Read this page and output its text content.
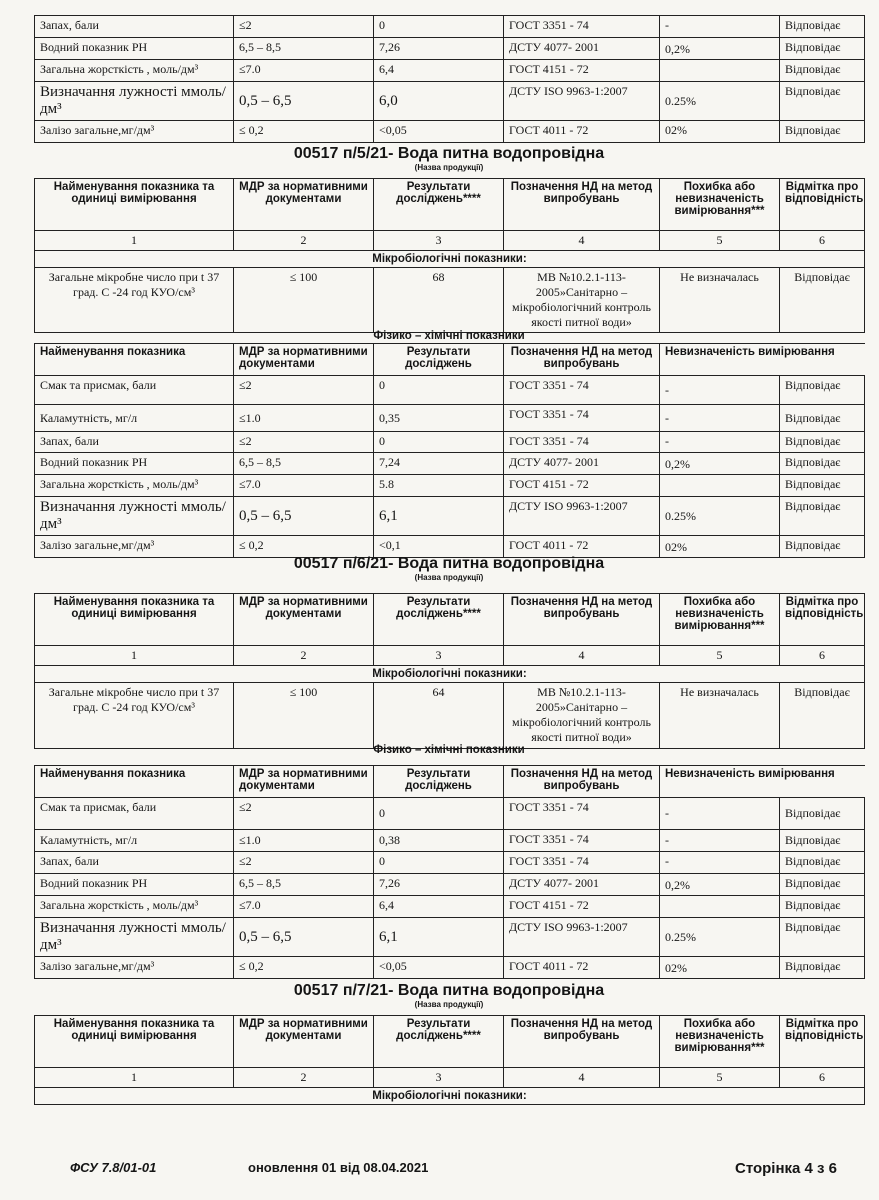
Запах, бали	≤2	0	ГОСТ 3351 - 74	-	Відповідає
Водний показник РН	6,5 – 8,5	7,26	ДСТУ 4077- 2001	0,2%	Відповідає
Загальна жорсткість , моль/дм³	≤7.0	6,4	ГОСТ 4151 - 72		Відповідає
Визначання лужності ммоль/дм³	0,5 – 6,5	6,0	ДСТУ ISO 9963-1:2007	0.25%	Відповідає
Залізо загальне,мг/дм³	≤ 0,2	<0,05	ГОСТ 4011 - 72	02%	Відповідає
00517 п/5/21- Вода питна водопровідна
(Назва продукції)
Найменування показника та одиниці вимірювання	МДР за нормативними документами	Результати досліджень****	Позначення НД на метод випробувань	Похибка або невизначеність вимірювання***	Відмітка про відповідність
1	2	3	4	5	6
Мікробіологічні показники:					
Загальне мікробне число при t 37 град. С -24 год КУО/см³	≤ 100	68	МВ №10.2.1-113-2005»Санітарно – мікробіологічний контроль якості питної води»	Не визначалась	Відповідає
Фізико – хімічні показники
Найменування показника	МДР за нормативними документами	Результати досліджень	Позначення НД на метод випробувань	Невизначеність вимірювання	
Смак та присмак, бали	≤2	0	ГОСТ 3351 - 74	-	Відповідає
Каламутність, мг/л	≤1.0	0,35	ГОСТ 3351 - 74	-	Відповідає
Запах, бали	≤2	0	ГОСТ 3351 - 74	-	Відповідає
Водний показник РН	6,5 – 8,5	7,24	ДСТУ 4077- 2001	0,2%	Відповідає
Загальна жорсткість , моль/дм³	≤7.0	5.8	ГОСТ 4151 - 72		Відповідає
Визначання лужності ммоль/дм³	0,5 – 6,5	6,1	ДСТУ ISO 9963-1:2007	0.25%	Відповідає
Залізо загальне,мг/дм³	≤ 0,2	<0,1	ГОСТ 4011 - 72	02%	Відповідає
00517 п/6/21- Вода питна водопровідна
(Назва продукції)
Найменування показника та одиниці вимірювання	МДР за нормативними документами	Результати досліджень****	Позначення НД на метод випробувань	Похибка або невизначеність вимірювання***	Відмітка про відповідність
1	2	3	4	5	6
Мікробіологічні показники:					
Загальне мікробне число при t 37 град. С -24 год КУО/см³	≤ 100	64	МВ №10.2.1-113-2005»Санітарно – мікробіологічний контроль якості питної води»	Не визначалась	Відповідає
Фізико – хімічні показники
Найменування показника	МДР за нормативними документами	Результати досліджень	Позначення НД на метод випробувань	Невизначеність вимірювання	
Смак та присмак, бали	≤2	0	ГОСТ 3351 - 74	-	Відповідає
Каламутність, мг/л	≤1.0	0,38	ГОСТ 3351 - 74	-	Відповідає
Запах, бали	≤2	0	ГОСТ 3351 - 74	-	Відповідає
Водний показник РН	6,5 – 8,5	7,26	ДСТУ 4077- 2001	0,2%	Відповідає
Загальна жорсткість , моль/дм³	≤7.0	6,4	ГОСТ 4151 - 72		Відповідає
Визначання лужності ммоль/дм³	0,5 – 6,5	6,1	ДСТУ ISO 9963-1:2007	0.25%	Відповідає
Залізо загальне,мг/дм³	≤ 0,2	<0,05	ГОСТ 4011 - 72	02%	Відповідає
00517 п/7/21- Вода питна водопровідна
(Назва продукції)
Найменування показника та одиниці вимірювання	МДР за нормативними документами	Результати досліджень****	Позначення НД на метод випробувань	Похибка або невизначеність вимірювання***	Відмітка про відповідність
1	2	3	4	5	6
Мікробіологічні показники:					
ФСУ 7.8/01-01	оновлення 01 від 08.04.2021	Сторінка 4 з 6
